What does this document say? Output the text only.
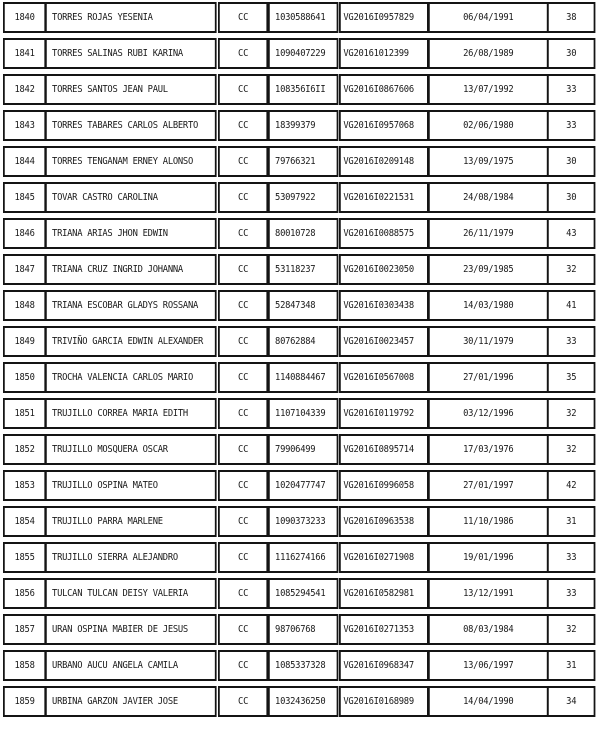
1840 TORRES ROJAS YESENIA	CC	1030588641 VG2016I0957829	06/04/1991	38
1841 TORRES SALINAS RUBI KARINA	CC	1090407229 VG20161012399	26/08/1989	30
1842 TORRES SANTOS JEAN PAUL	CC	108356I6II VG2016I0867606	13/07/1992	33
1843 TORRES TABARES CARLOS ALBERTO	CC	18399379	VG2016I0957068	02/06/1980	33
1844 TORRES TENGANAM ERNEY ALONSO	CC	79766321	VG2016I0209148	13/09/1975	30
1845 TOVAR CASTRO CAROLINA	CC	53097922	VG2016I0221531	24/08/1984	30
1846 TRIANA ARIAS JHON EDWIN	CC	80010728	VG2016I0088575	26/11/1979	43
1847 TRIANA CRUZ INGRID JOHANNA	CC	53118237	VG2016I0023050	23/09/1985	32
1848 TRIANA ESCOBAR GLADYS ROSSANA	CC	52847348	VG2016I0303438	14/03/1980	41
1849 TRIVIÑO GARCIA EDWIN ALEXANDER	CC	80762884	VG2016I0023457	30/11/1979	33
1850 TROCHA VALENCIA CARLOS MARIO	CC	1140884467 VG2016I0567008	27/01/1996	35
1851 TRUJILLO CORREA MARIA EDITH	CC	1107104339 VG2016I0119792	03/12/1996	32
1852 TRUJILLO MOSQUERA OSCAR	CC	79906499	VG2016I0895714	17/03/1976	32
1853 TRUJILLO OSPINA MATEO	CC	1020477747 VG2016I0996058	27/01/1997	42
1854 TRUJILLO PARRA MARLENE	CC	1090373233 VG2016I0963538	11/10/1986	31
1855 TRUJILLO SIERRA ALEJANDRO	CC	1116274166 VG2016I0271908	19/01/1996	33
1856 TULCAN TULCAN DEISY VALERIA	CC	1085294541 VG2016I0582981	13/12/1991	33
1857 URAN OSPINA MABIER DE JESUS	CC	98706768	VG2016I0271353	08/03/1984	32
1858 URBANO AUCU ANGELA CAMILA	CC	1085337328 VG2016I0968347	13/06/1997	31
1859 URBINA GARZON JAVIER JOSE	CC	1032436250 VG2016I0168989	14/04/1990	34
